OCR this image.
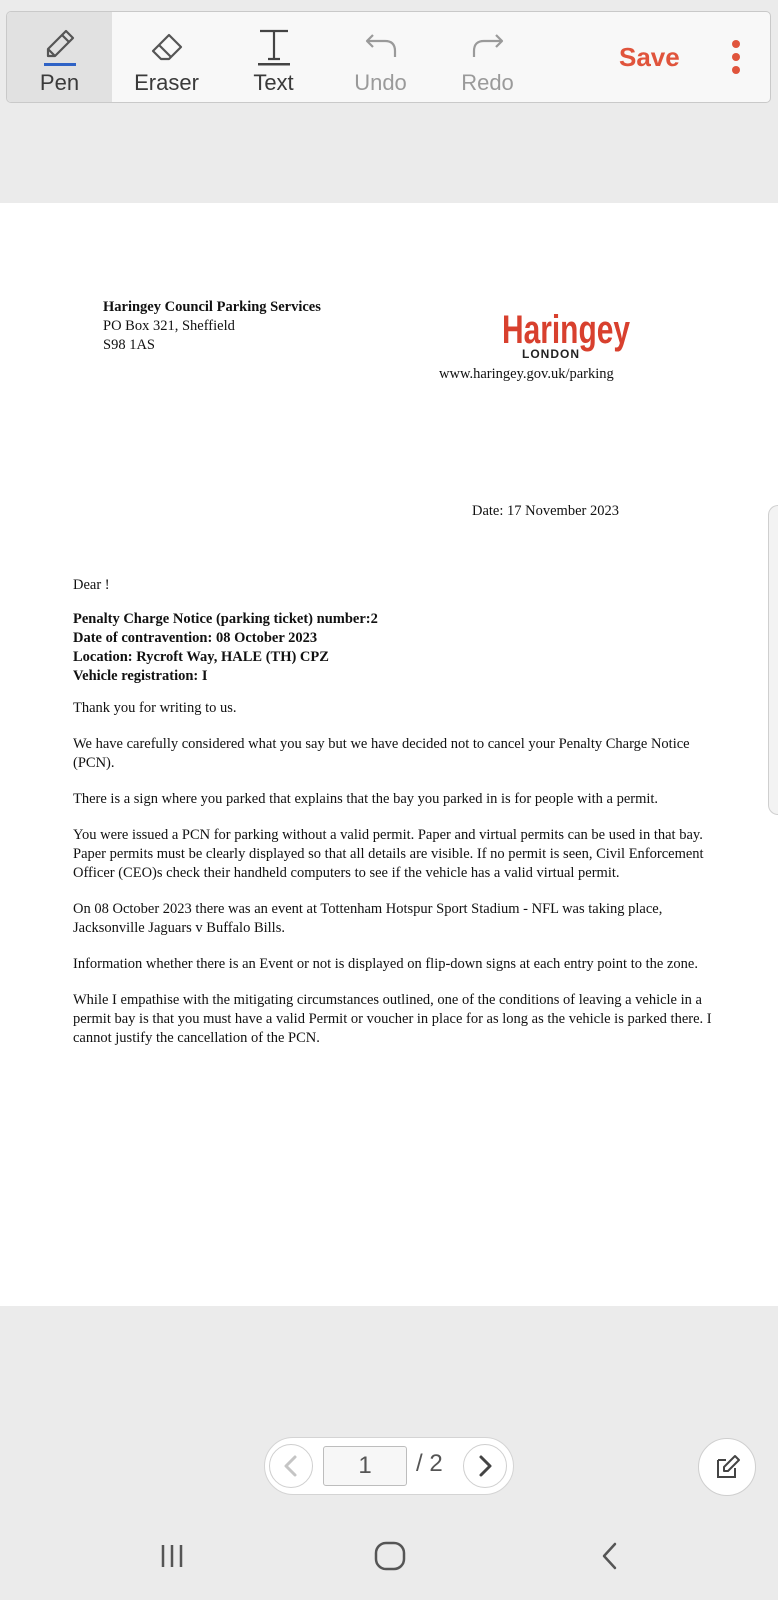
Pen	Eraser Text	Undo Redo
Save
Haringey Council Parking Services
PO Box 321, Sheffield
S98 1AS	Haringey
LONDON
www.haringey.gov.uk/parking
Date: 17 November 2023
Dear !
Penalty Charge Notice (parking ticket) number:2
Date of contravention: 08 October 2023
Location: Rycroft Way, HALE (TH) CPZ
Vehicle registration: I

Thank you for writing to us.

We have carefully considered what you say but we have decided not to cancel your Penalty Charge Notice (PCN).

There is a sign where you parked that explains that the bay you parked in is for people with a permit.

You were issued a PCN for parking without a valid permit. Paper and virtual permits can be used in that bay. Paper permits must be clearly displayed so that all details are visible. If no permit is seen, Civil Enforcement Officer (CEO)s check their handheld computers to see if the vehicle has a valid virtual permit.

On 08 October 2023 there was an event at Tottenham Hotspur Sport Stadium - NFL was taking place, Jacksonville Jaguars v Buffalo Bills.

Information whether there is an Event or not is displayed on flip-down signs at each entry point to the zone.

While I empathise with the mitigating circumstances outlined, one of the conditions of leaving a vehicle in a permit bay is that you must have a valid Permit or voucher in place for as long as the vehicle is parked there. I cannot justify the cancellation of the PCN.

1	/ 2
